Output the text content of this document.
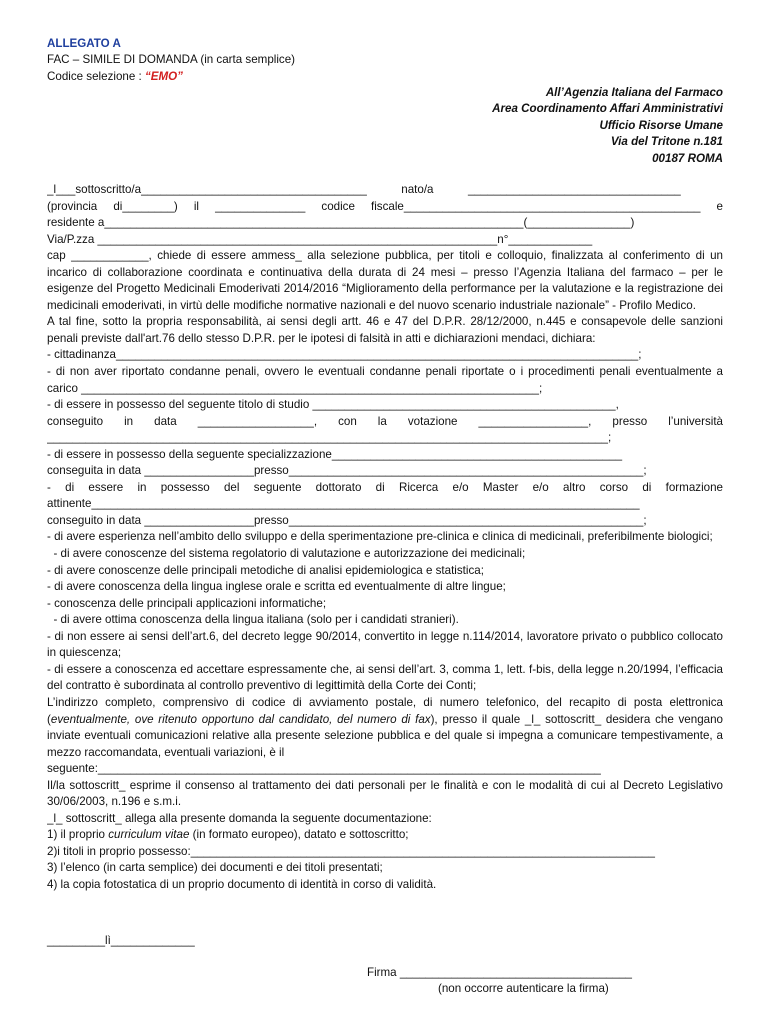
ALLEGATO A
FAC – SIMILE DI DOMANDA (in carta semplice)
Codice selezione : “EMO”
All’Agenzia Italiana del Farmaco
Area Coordinamento Affari Amministrativi
Ufficio Risorse Umane
Via del Tritone n.181
00187 ROMA
_l___sottoscritto/a___________________________________	nato/a	_________________________________
(provincia di________) il ______________ codice fiscale______________________________________________ e
residente a_________________________________________________________________(________________)
Via/P.zza ______________________________________________________________n°_____________
cap ____________, chiede di essere ammess_ alla selezione pubblica, per titoli e colloquio, finalizzata al conferimento di un incarico di collaborazione coordinata e continuativa della durata di 24 mesi – presso l’Agenzia Italiana del farmaco – per le esigenze del Progetto Medicinali Emoderivati 2014/2016 “Miglioramento della performance per la valutazione e la registrazione dei medicinali emoderivati, in virtù delle modifiche normative nazionali e del nuovo scenario industriale nazionale” - Profilo Medico.
A tal fine, sotto la propria responsabilità, ai sensi degli artt. 46 e 47 del D.P.R. 28/12/2000, n.445 e consapevole delle sanzioni penali previste dall'art.76 dello stesso D.P.R. per le ipotesi di falsità in atti e dichiarazioni mendaci, dichiara:
- cittadinanza_________________________________________________________________________________;
- di non aver riportato condanne penali, ovvero le eventuali condanne penali riportate o i procedimenti penali eventualmente a carico _______________________________________________________________________;
- di essere in possesso del seguente titolo di studio _______________________________________________,
conseguito in data __________________, con la votazione _________________, presso l’università
_______________________________________________________________________________________;
- di essere in possesso della seguente specializzazione_____________________________________________
conseguita in data _________________presso_______________________________________________________;
- di essere in possesso del seguente dottorato di Ricerca e/o Master e/o altro corso di formazione
attinente_____________________________________________________________________________________
conseguito in data _________________presso_______________________________________________________;
- di avere esperienza nell’ambito dello sviluppo e della sperimentazione pre-clinica e clinica di medicinali, preferibilmente biologici;
- di avere conoscenze del sistema regolatorio di valutazione e autorizzazione dei medicinali;
- di avere conoscenze delle principali metodiche di analisi epidemiologica e statistica;
- di avere conoscenza della lingua inglese orale e scritta ed eventualmente di altre lingue;
- conoscenza delle principali applicazioni informatiche;
- di avere ottima conoscenza della lingua italiana (solo per i candidati stranieri).
- di non essere ai sensi dell’art.6, del decreto legge 90/2014, convertito in legge n.114/2014, lavoratore privato o pubblico collocato in quiescenza;
- di essere a conoscenza ed accettare espressamente che, ai sensi dell’art. 3, comma 1, lett. f-bis, della legge n.20/1994, l’efficacia del contratto è subordinata al controllo preventivo di legittimità della Corte dei Conti;
L’indirizzo completo, comprensivo di codice di avviamento postale, di numero telefonico, del recapito di posta elettronica (eventualmente, ove ritenuto opportuno dal candidato, del numero di fax), presso il quale _l_ sottoscritt_ desidera che vengano inviate eventuali comunicazioni relative alla presente selezione pubblica e del quale si impegna a comunicare tempestivamente, a mezzo raccomandata, eventuali variazioni, è il
seguente:______________________________________________________________________________
Il/la sottoscritt_ esprime il consenso al trattamento dei dati personali per le finalità e con le modalità di cui al Decreto Legislativo 30/06/2003, n.196 e s.m.i.
_l_ sottoscritt_ allega alla presente domanda la seguente documentazione:
1) il proprio curriculum vitae (in formato europeo), datato e sottoscritto;
2)i titoli in proprio possesso:________________________________________________________________________
3) l’elenco (in carta semplice) dei documenti e dei titoli presentati;
4) la copia fotostatica di un proprio documento di identità in corso di validità.
_________lì_____________
Firma ____________________________________
(non occorre autenticare la firma)
